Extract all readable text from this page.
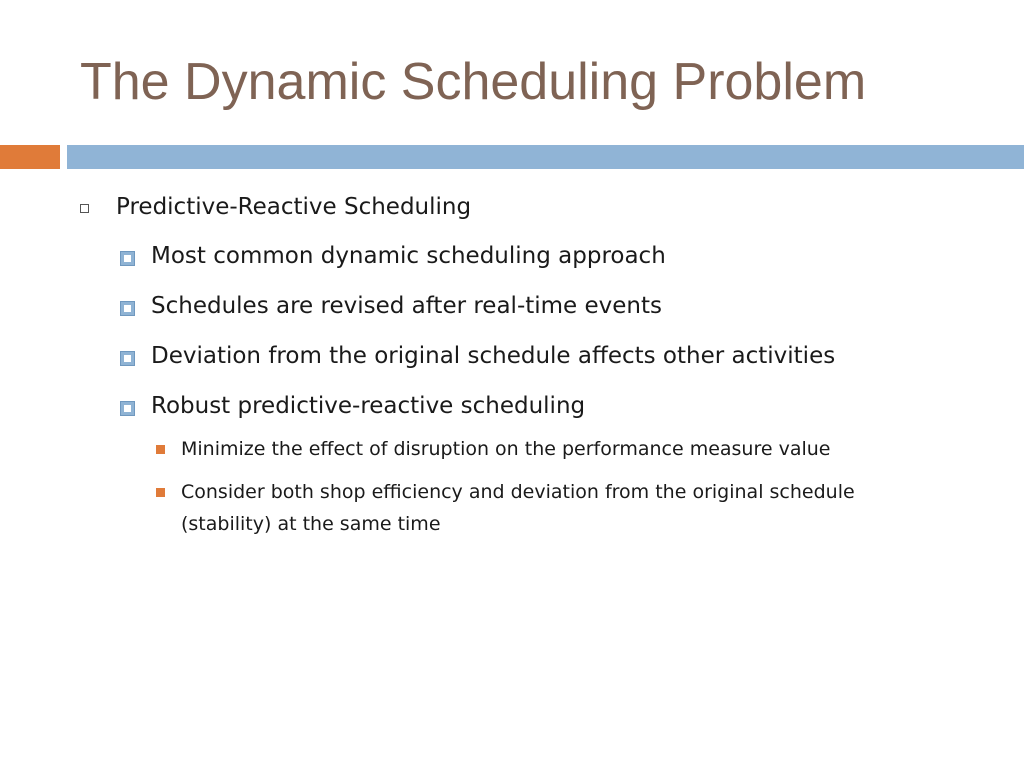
The Dynamic Scheduling Problem
Predictive-Reactive Scheduling
Most common dynamic scheduling approach
Schedules are revised after real-time events
Deviation from the original schedule affects other activities
Robust predictive-reactive scheduling
Minimize the effect of disruption on the performance measure value
Consider both shop efficiency and deviation from the original schedule (stability) at the same time
